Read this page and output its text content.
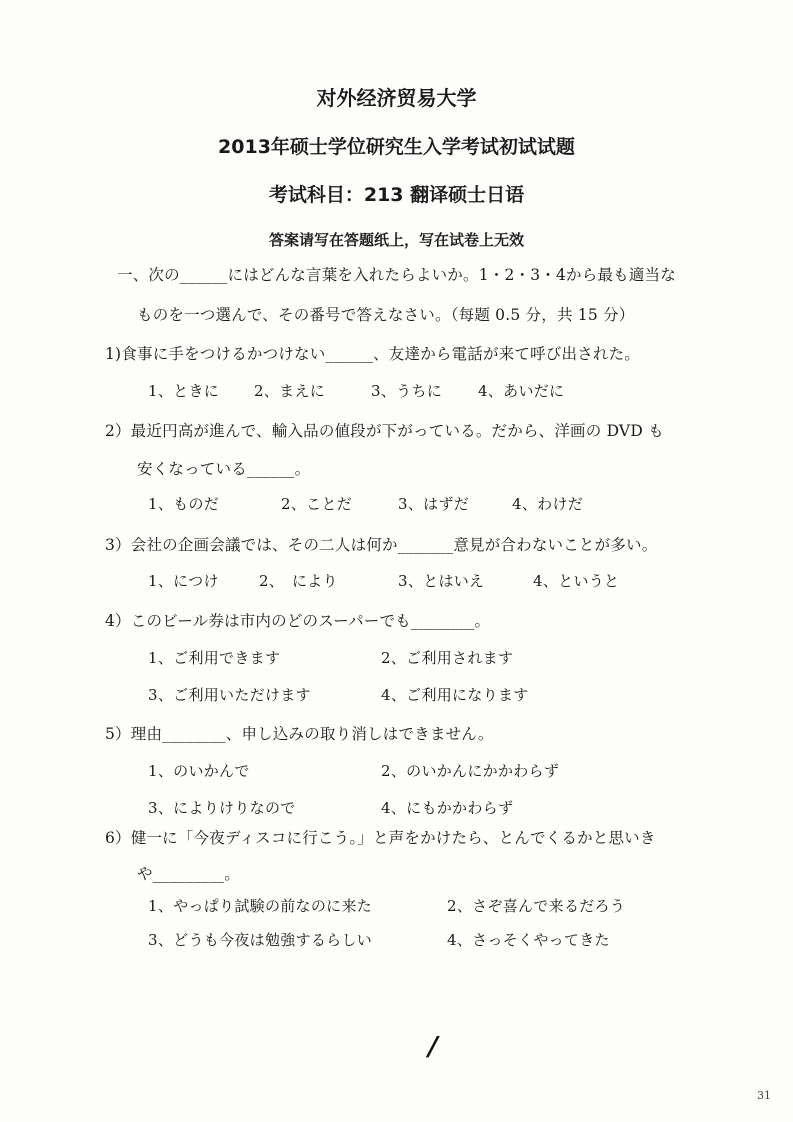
对外经济贸易大学
2013年硕士学位研究生入学考试初试试题
考试科目：213 翻译硕士日语
答案请写在答题纸上，写在试卷上无效
一、次の______にはどんな言葉を入れたらよいか。1・2・3・4から最も適当な
ものを一つ選んで、その番号で答えなさい。（每题 0.5 分，共 15 分）
1)食事に手をつけるかつけない______、友達から電話が来て呼び出された。
1、ときに 2、まえに	3、うちに 4、あいだに
2）最近円高が進んで、輸入品の値段が下がっている。だから、洋画の DVD も
安くなっている______。
1、ものだ	2、ことだ	3、はずだ	4、わけだ
3）会社の企画会議では、その二人は何か_______意見が合わないことが多い。
1、につけ	2、　により	3、とはいえ	4、というと
4）このビール券は市内のどのスーパーでも________。
1、ご利用できます	2、ご利用されます
3、ご利用いただけます	4、ご利用になります
5）理由________、申し込みの取り消しはできません。
1、のいかんで	2、のいかんにかかわらず
3、によりけりなので	4、にもかかわらず
6）健一に「今夜ディスコに行こう。」と声をかけたら、とんでくるかと思いき
や_________。
1、やっぱり試験の前なのに来た	2、さぞ喜んで来るだろう
3、どうも今夜は勉強するらしい	4、さっそくやってきた
/
31
